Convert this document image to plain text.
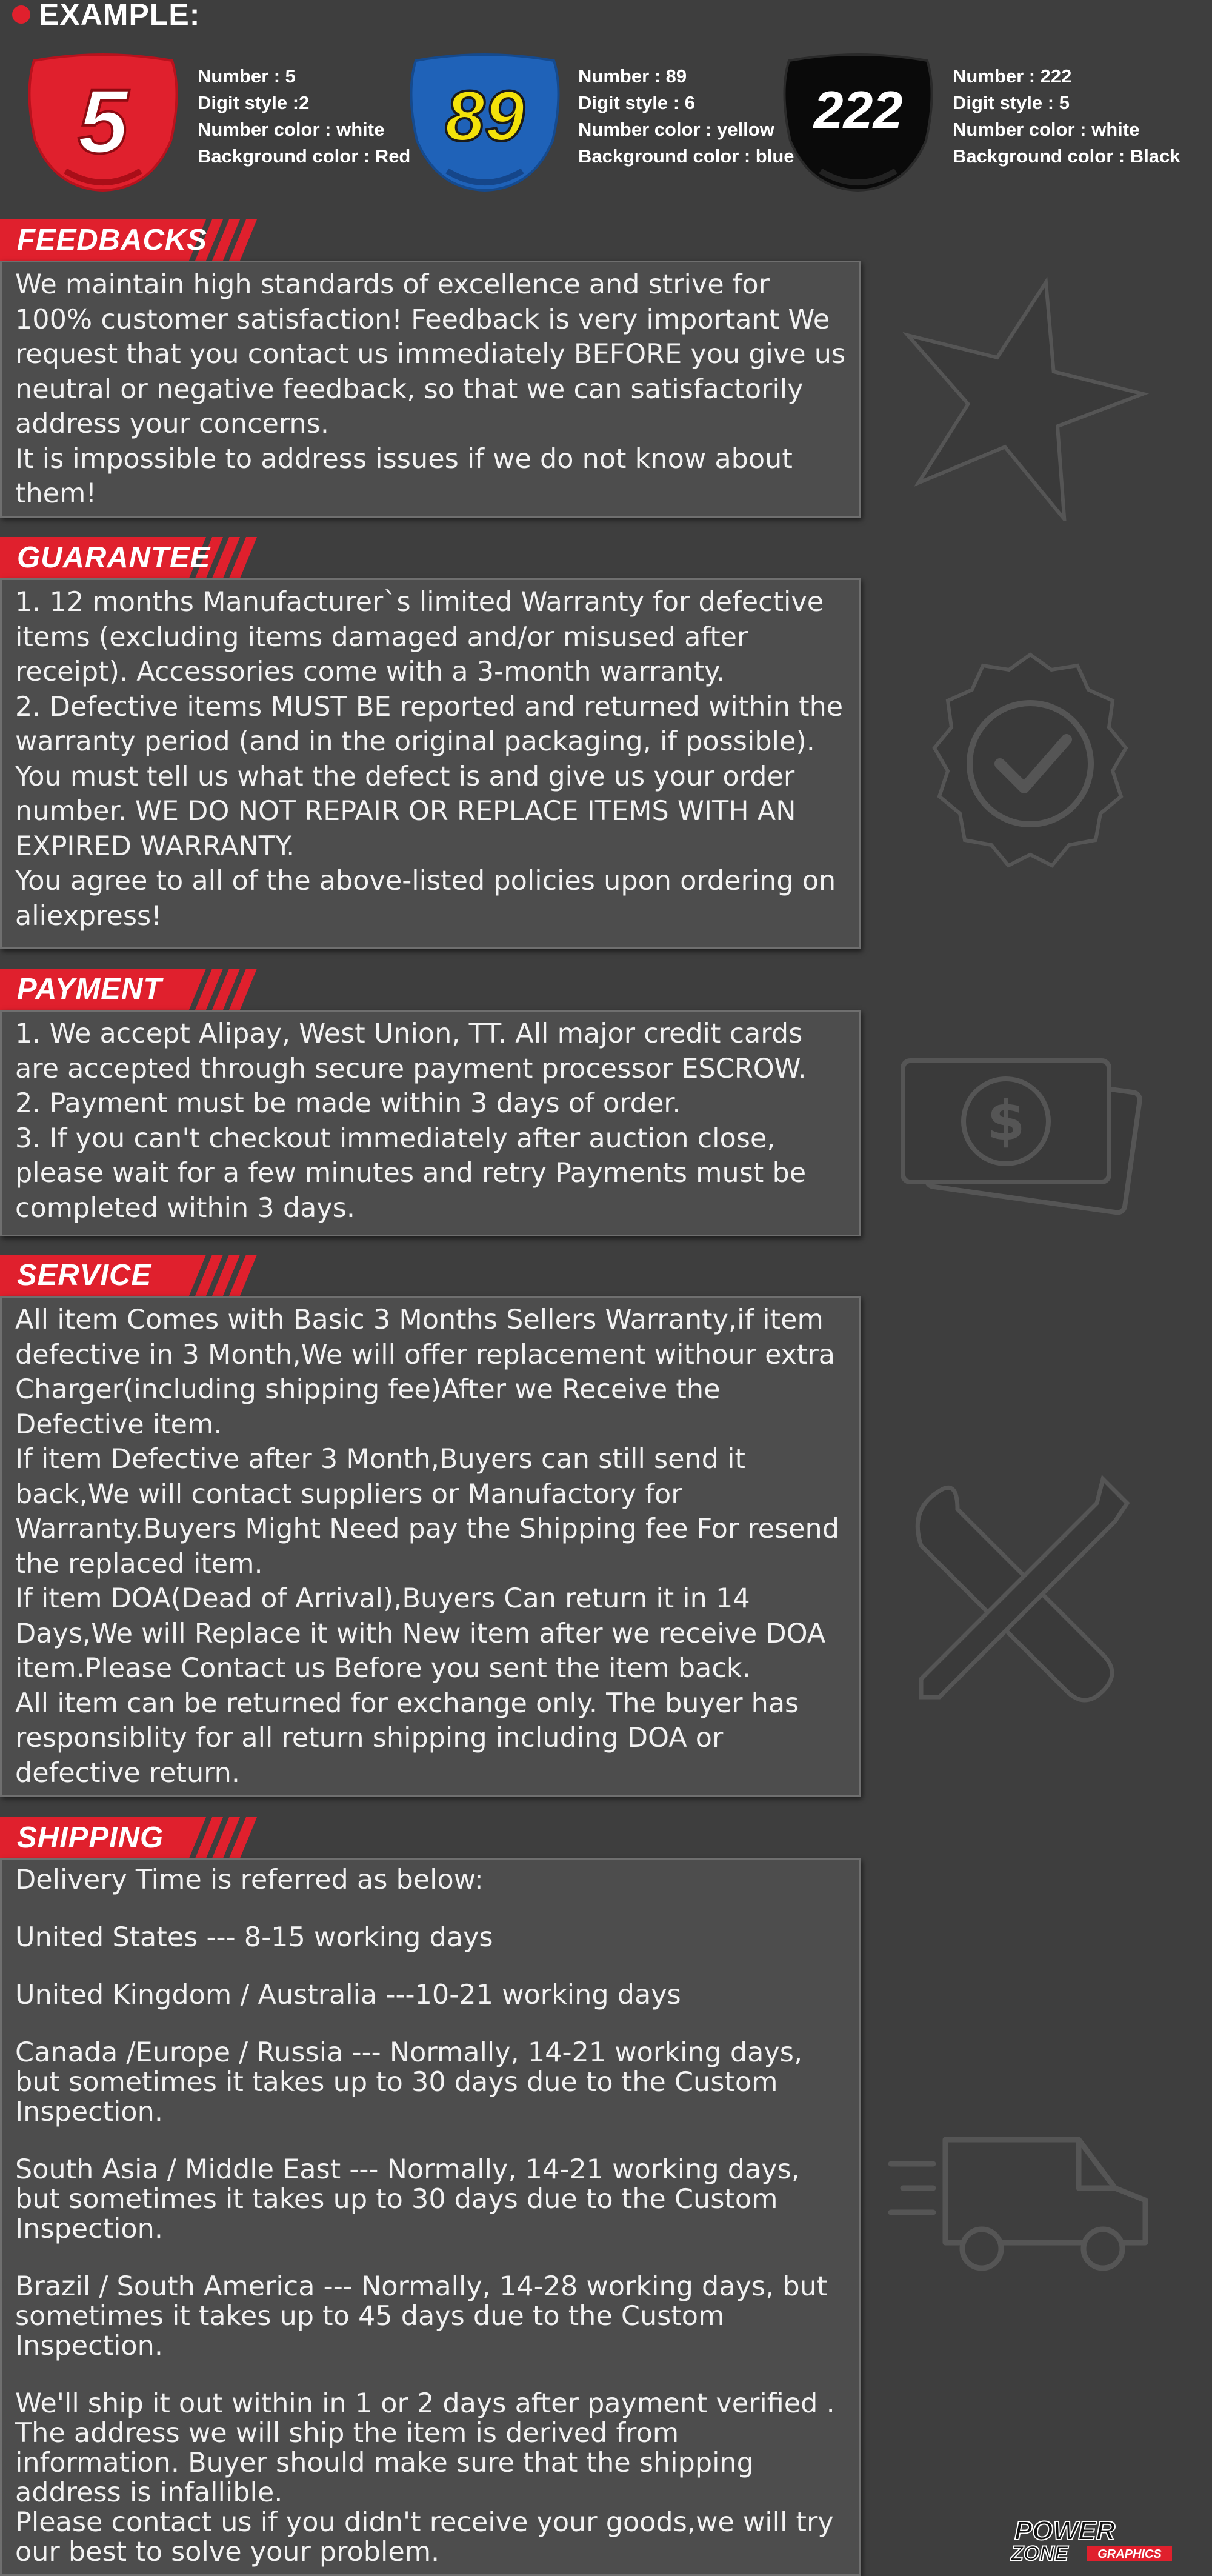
EXAMPLE:
5	Number : 5
Digit style :2
Number color : white
Background color : Red 89
Number : 89
Digit style : 6
Number color : yellow
Background color : blue
222
Number : 222
Digit style : 5
Number color : white
Background color : Black
FEEDBACKS
We maintain high standards of excellence and strive for
100% customer satisfaction! Feedback is very important We
request that you contact us immediately BEFORE you give us
neutral or negative feedback, so that we can satisfactorily
address your concerns.
It is impossible to address issues if we do not know about
them!
GUARANTEE
1. 12 months Manufacturer`s limited Warranty for defective
items (excluding items damaged and/or misused after
receipt). Accessories come with a 3-month warranty.
2. Defective items MUST BE reported and returned within the
warranty period (and in the original packaging, if possible).
You must tell us what the defect is and give us your order
number. WE DO NOT REPAIR OR REPLACE ITEMS WITH AN
EXPIRED WARRANTY.
You agree to all of the above-listed policies upon ordering on
aliexpress!
PAYMENT
1. We accept Alipay, West Union, TT. All major credit cards
are accepted through secure payment processor ESCROW.
2. Payment must be made within 3 days of order.
3. If you can't checkout immediately after auction close,
please wait for a few minutes and retry Payments must be
completed within 3 days.
SERVICE
All item Comes with Basic 3 Months Sellers Warranty,if item
defective in 3 Month,We will offer replacement withour extra
Charger(including shipping fee)After we Receive the
Defective item.
If item Defective after 3 Month,Buyers can still send it
back,We will contact suppliers or Manufactory for
Warranty.Buyers Might Need pay the Shipping fee For resend
the replaced item.
If item DOA(Dead of Arrival),Buyers Can return it in 14
Days,We will Replace it with New item after we receive DOA
item.Please Contact us Before you sent the item back.
All item can be returned for exchange only. The buyer has
responsiblity for all return shipping including DOA or
defective return.
SHIPPING
Delivery Time is referred as below:
United States --- 8-15 working days
United Kingdom / Australia ---10-21 working days
Canada /Europe / Russia --- Normally, 14-21 working days,
but sometimes it takes up to 30 days due to the Custom
Inspection.
South Asia / Middle East --- Normally, 14-21 working days,
but sometimes it takes up to 30 days due to the Custom
Inspection.
Brazil / South America --- Normally, 14-28 working days, but
sometimes it takes up to 45 days due to the Custom
Inspection.
We'll ship it out within in 1 or 2 days after payment verified .
The address we will ship the item is derived from
information. Buyer should make sure that the shipping
address is infallible.
Please contact us if you didn't receive your goods,we will try
our best to solve your problem.
$
POWER
ZONE GRAPHICS
